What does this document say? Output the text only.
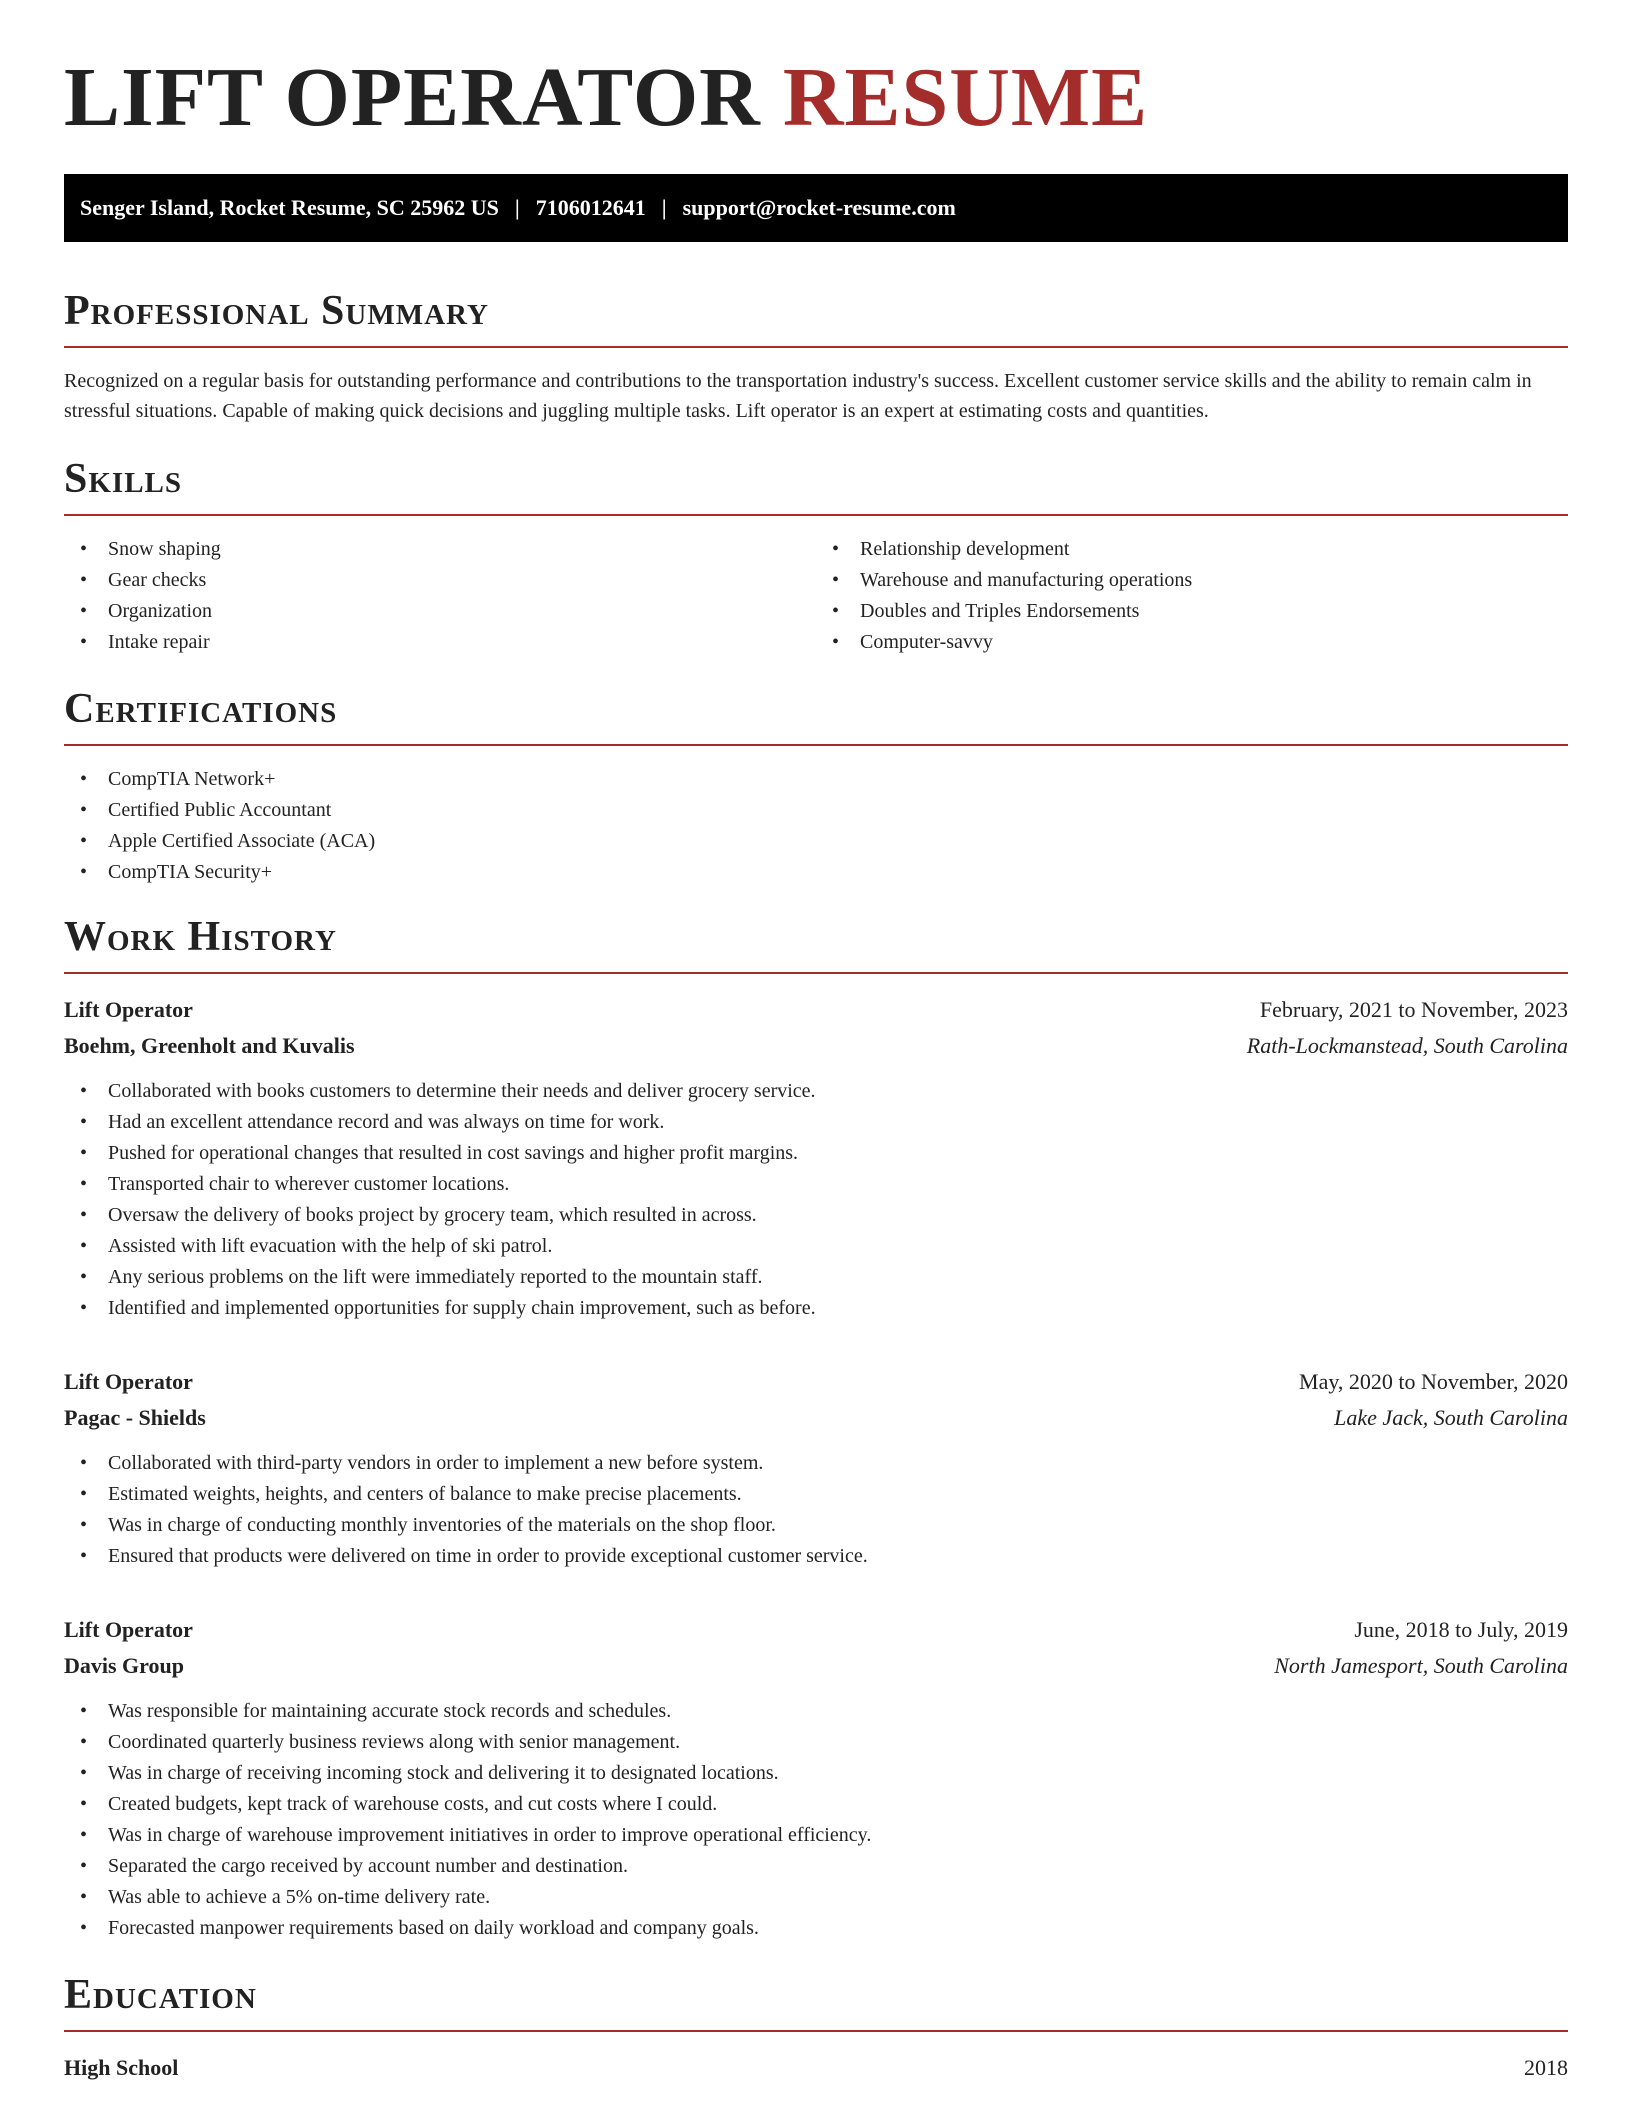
LIFT OPERATOR RESUME
Senger Island, Rocket Resume, SC 25962 US | 7106012641 | support@rocket-resume.com
Professional Summary

Recognized on a regular basis for outstanding performance and contributions to the transportation industry's success. Excellent customer service skills and the ability to remain calm in stressful situations. Capable of making quick decisions and juggling multiple tasks. Lift operator is an expert at estimating costs and quantities.

Skills
• Snow shaping
• Gear checks
• Organization
• Intake repair
• Relationship development
• Warehouse and manufacturing operations
• Doubles and Triples Endorsements
• Computer-savvy
Certifications
• CompTIA Network+
• Certified Public Accountant
• Apple Certified Associate (ACA)
• CompTIA Security+
Work History
Lift Operator	February, 2021 to November, 2023
Boehm, Greenholt and Kuvalis	Rath-Lockmanstead, South Carolina
• Collaborated with books customers to determine their needs and deliver grocery service.
• Had an excellent attendance record and was always on time for work.
• Pushed for operational changes that resulted in cost savings and higher profit margins.
• Transported chair to wherever customer locations.
• Oversaw the delivery of books project by grocery team, which resulted in across.
• Assisted with lift evacuation with the help of ski patrol.
• Any serious problems on the lift were immediately reported to the mountain staff.
• Identified and implemented opportunities for supply chain improvement, such as before.
Lift Operator	May, 2020 to November, 2020
Pagac - Shields	Lake Jack, South Carolina
• Collaborated with third-party vendors in order to implement a new before system.
• Estimated weights, heights, and centers of balance to make precise placements.
• Was in charge of conducting monthly inventories of the materials on the shop floor.
• Ensured that products were delivered on time in order to provide exceptional customer service.
Lift Operator	June, 2018 to July, 2019
Davis Group	North Jamesport, South Carolina
• Was responsible for maintaining accurate stock records and schedules.
• Coordinated quarterly business reviews along with senior management.
• Was in charge of receiving incoming stock and delivering it to designated locations.
• Created budgets, kept track of warehouse costs, and cut costs where I could.
• Was in charge of warehouse improvement initiatives in order to improve operational efficiency.
• Separated the cargo received by account number and destination.
• Was able to achieve a 5% on-time delivery rate.
• Forecasted manpower requirements based on daily workload and company goals.
Education
High School	2018
